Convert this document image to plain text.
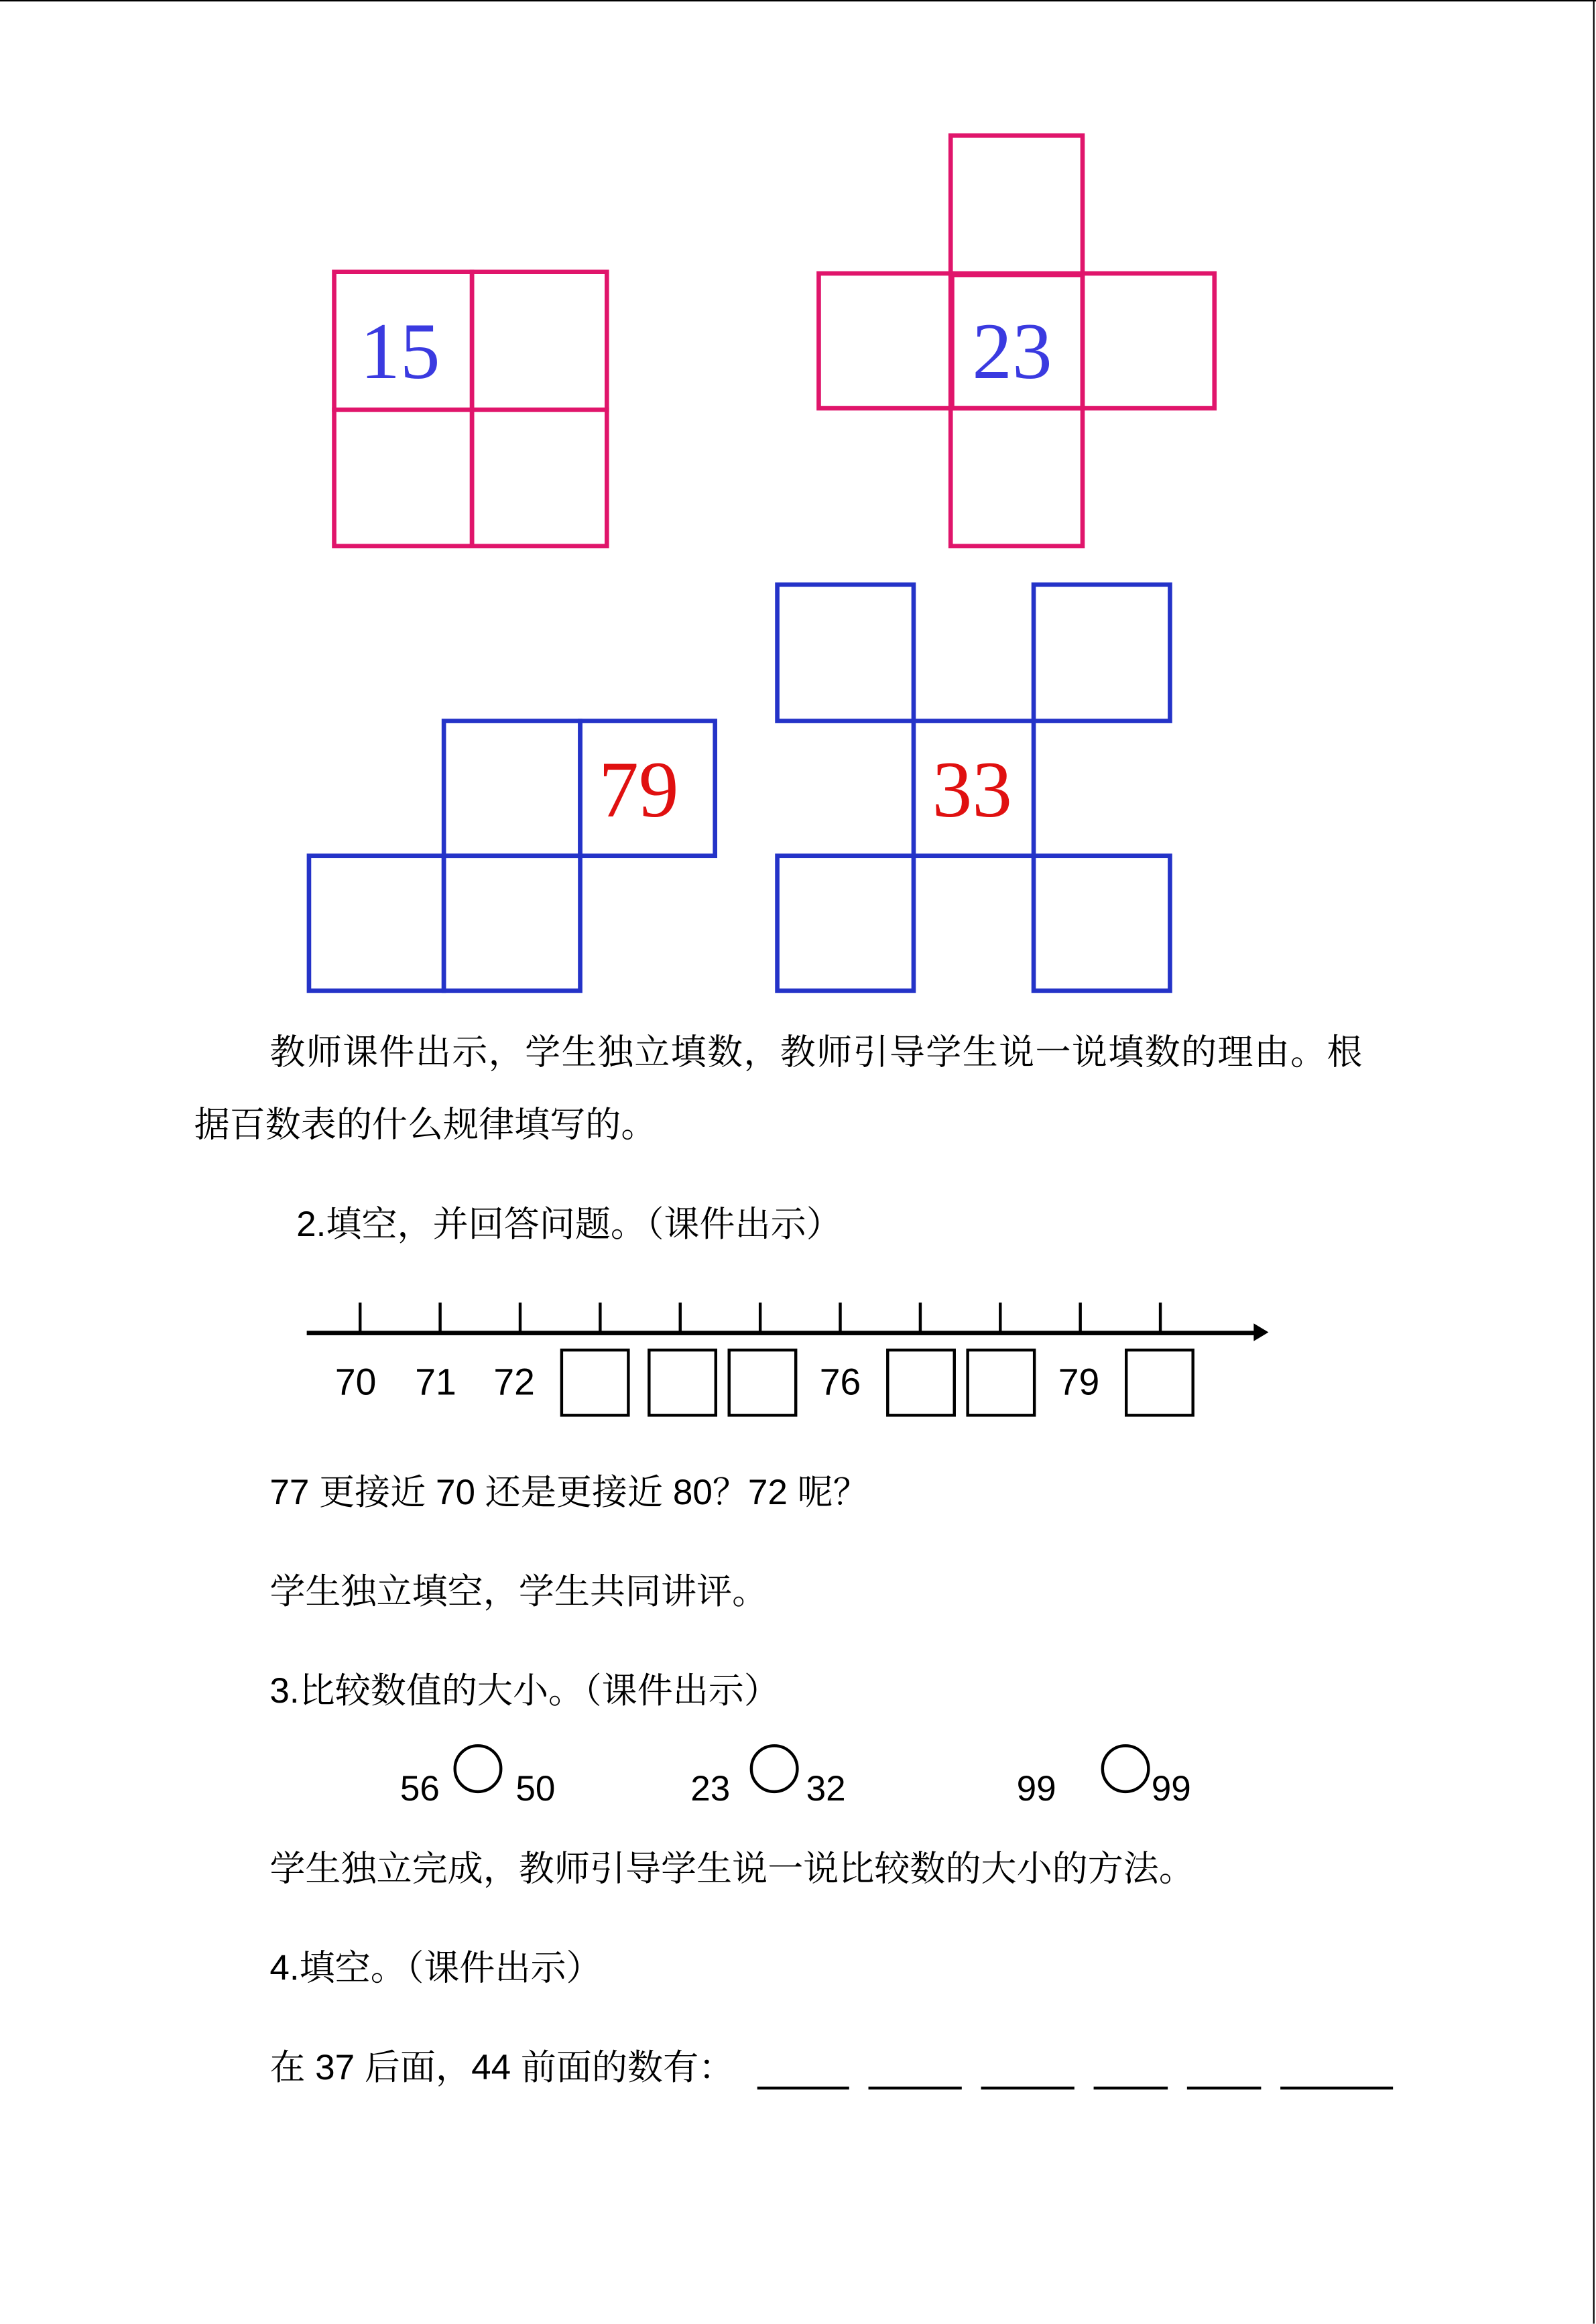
15	23
79	33
教师课件出示，学生独立填数，教师引导学生说一说填数的理由。根
据百数表的什么规律填写的。
2.填空，并回答问题。（课件出示）
70 71 72	76	79
77 更接近 70 还是更接近 80？72 呢？
学生独立填空，学生共同讲评。
3.比较数值的大小。（课件出示）
56	50	23	32	99	99
学生独立完成，教师引导学生说一说比较数的大小的方法。
4.填空。（课件出示）
在 37 后面，44 前面的数有：
